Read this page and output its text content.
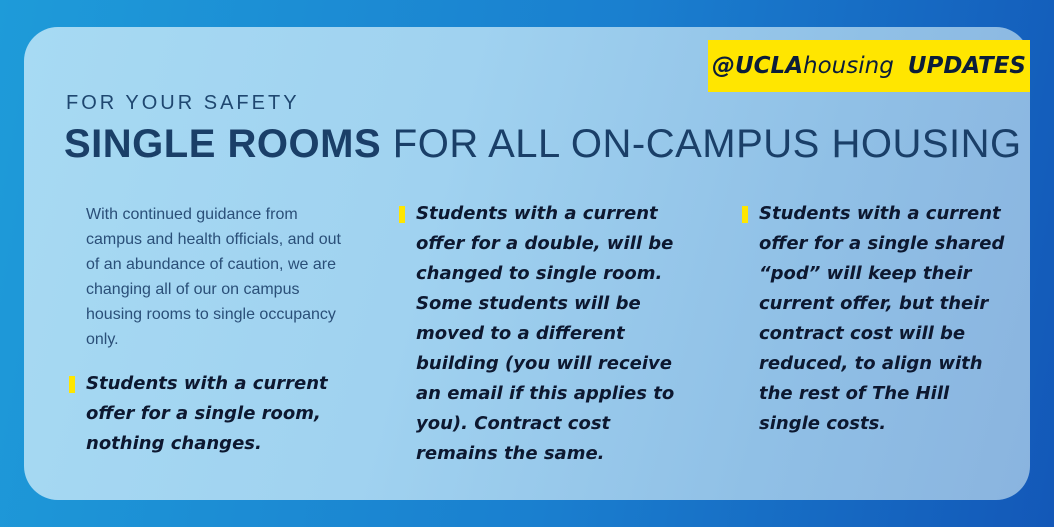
@UCLA housing UPDATES
FOR YOUR SAFETY
SINGLE ROOMS FOR ALL ON-CAMPUS HOUSING
With continued guidance from campus and health officials, and out of an abundance of caution, we are changing all of our on campus housing rooms to single occupancy only.
Students with a current offer for a single room, nothing changes.
Students with a current offer for a double, will be changed to single room. Some students will be moved to a different building (you will receive an email if this applies to you). Contract cost remains the same.
Students with a current offer for a single shared “pod” will keep their current offer, but their contract cost will be reduced, to align with the rest of The Hill single costs.
